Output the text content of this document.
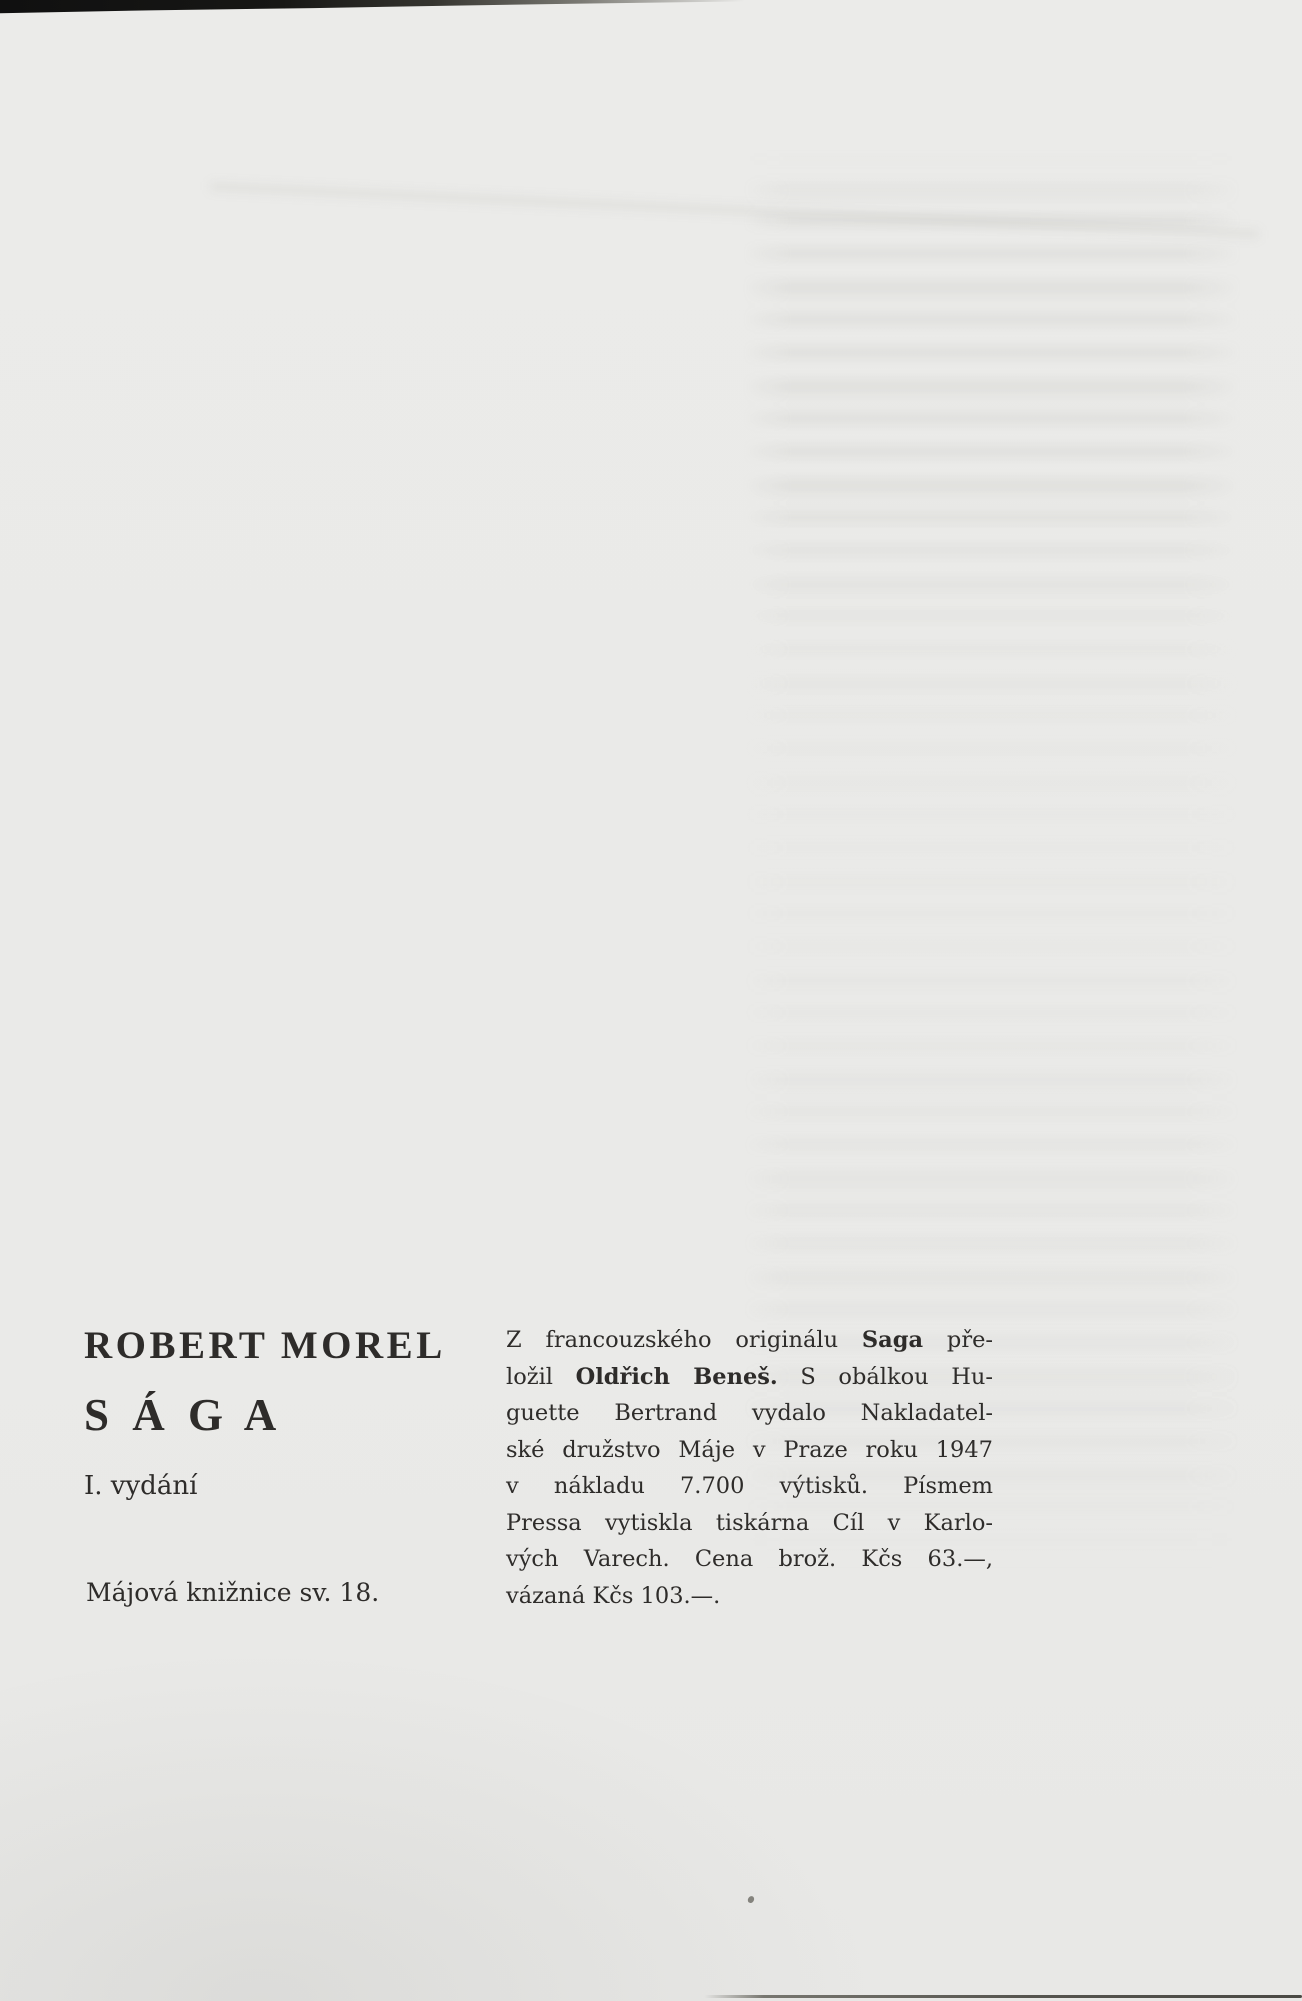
ROBERT MOREL
S Á G A
I. vydání
Májová knižnice sv. 18.
Z francouzského originálu Saga pře-
ložil Oldřich Beneš. S obálkou Hu-
guette Bertrand vydalo Nakladatel-
ské družstvo Máje v Praze roku 1947
v nákladu 7.700 výtisků. Písmem
Pressa vytiskla tiskárna Cíl v Karlo-
vých Varech. Cena brož. Kčs 63.—,
vázaná Kčs 103.—.
